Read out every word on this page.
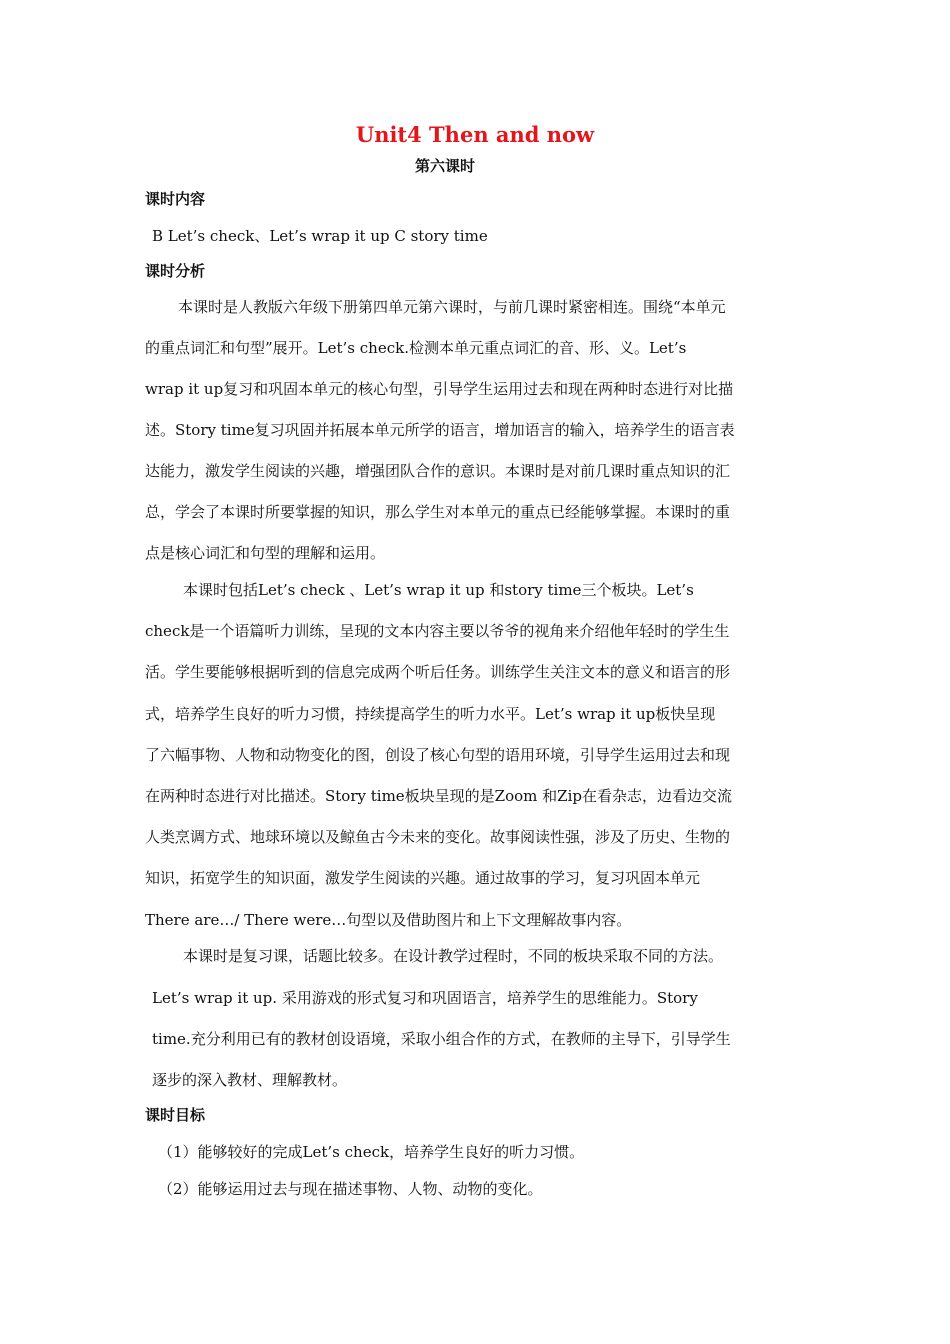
Unit4 Then and now
第六课时
课时内容
B Let’s check、Let’s wrap it up C story time
课时分析
本课时是人教版六年级下册第四单元第六课时，与前几课时紧密相连。围绕“本单元
的重点词汇和句型”展开。Let’s check.检测本单元重点词汇的音、形、义。Let’s
wrap it up复习和巩固本单元的核心句型，引导学生运用过去和现在两种时态进行对比描
述。Story time复习巩固并拓展本单元所学的语言，增加语言的输入，培养学生的语言表
达能力，激发学生阅读的兴趣，增强团队合作的意识。本课时是对前几课时重点知识的汇
总，学会了本课时所要掌握的知识，那么学生对本单元的重点已经能够掌握。本课时的重
点是核心词汇和句型的理解和运用。
本课时包括Let’s check 、Let’s wrap it up 和story time三个板块。Let’s
check是一个语篇听力训练，呈现的文本内容主要以爷爷的视角来介绍他年轻时的学生生
活。学生要能够根据听到的信息完成两个听后任务。训练学生关注文本的意义和语言的形
式，培养学生良好的听力习惯，持续提高学生的听力水平。Let’s wrap it up板快呈现
了六幅事物、人物和动物变化的图，创设了核心句型的语用环境，引导学生运用过去和现
在两种时态进行对比描述。Story time板块呈现的是Zoom 和Zip在看杂志，边看边交流
人类烹调方式、地球环境以及鲸鱼古今未来的变化。故事阅读性强，涉及了历史、生物的
知识，拓宽学生的知识面，激发学生阅读的兴趣。通过故事的学习，复习巩固本单元
There are…/ There were…句型以及借助图片和上下文理解故事内容。
本课时是复习课，话题比较多。在设计教学过程时，不同的板块采取不同的方法。
Let’s wrap it up. 采用游戏的形式复习和巩固语言，培养学生的思维能力。Story
time.充分利用已有的教材创设语境，采取小组合作的方式，在教师的主导下，引导学生
逐步的深入教材、理解教材。
课时目标
（1）能够较好的完成Let’s check，培养学生良好的听力习惯。
（2）能够运用过去与现在描述事物、人物、动物的变化。
